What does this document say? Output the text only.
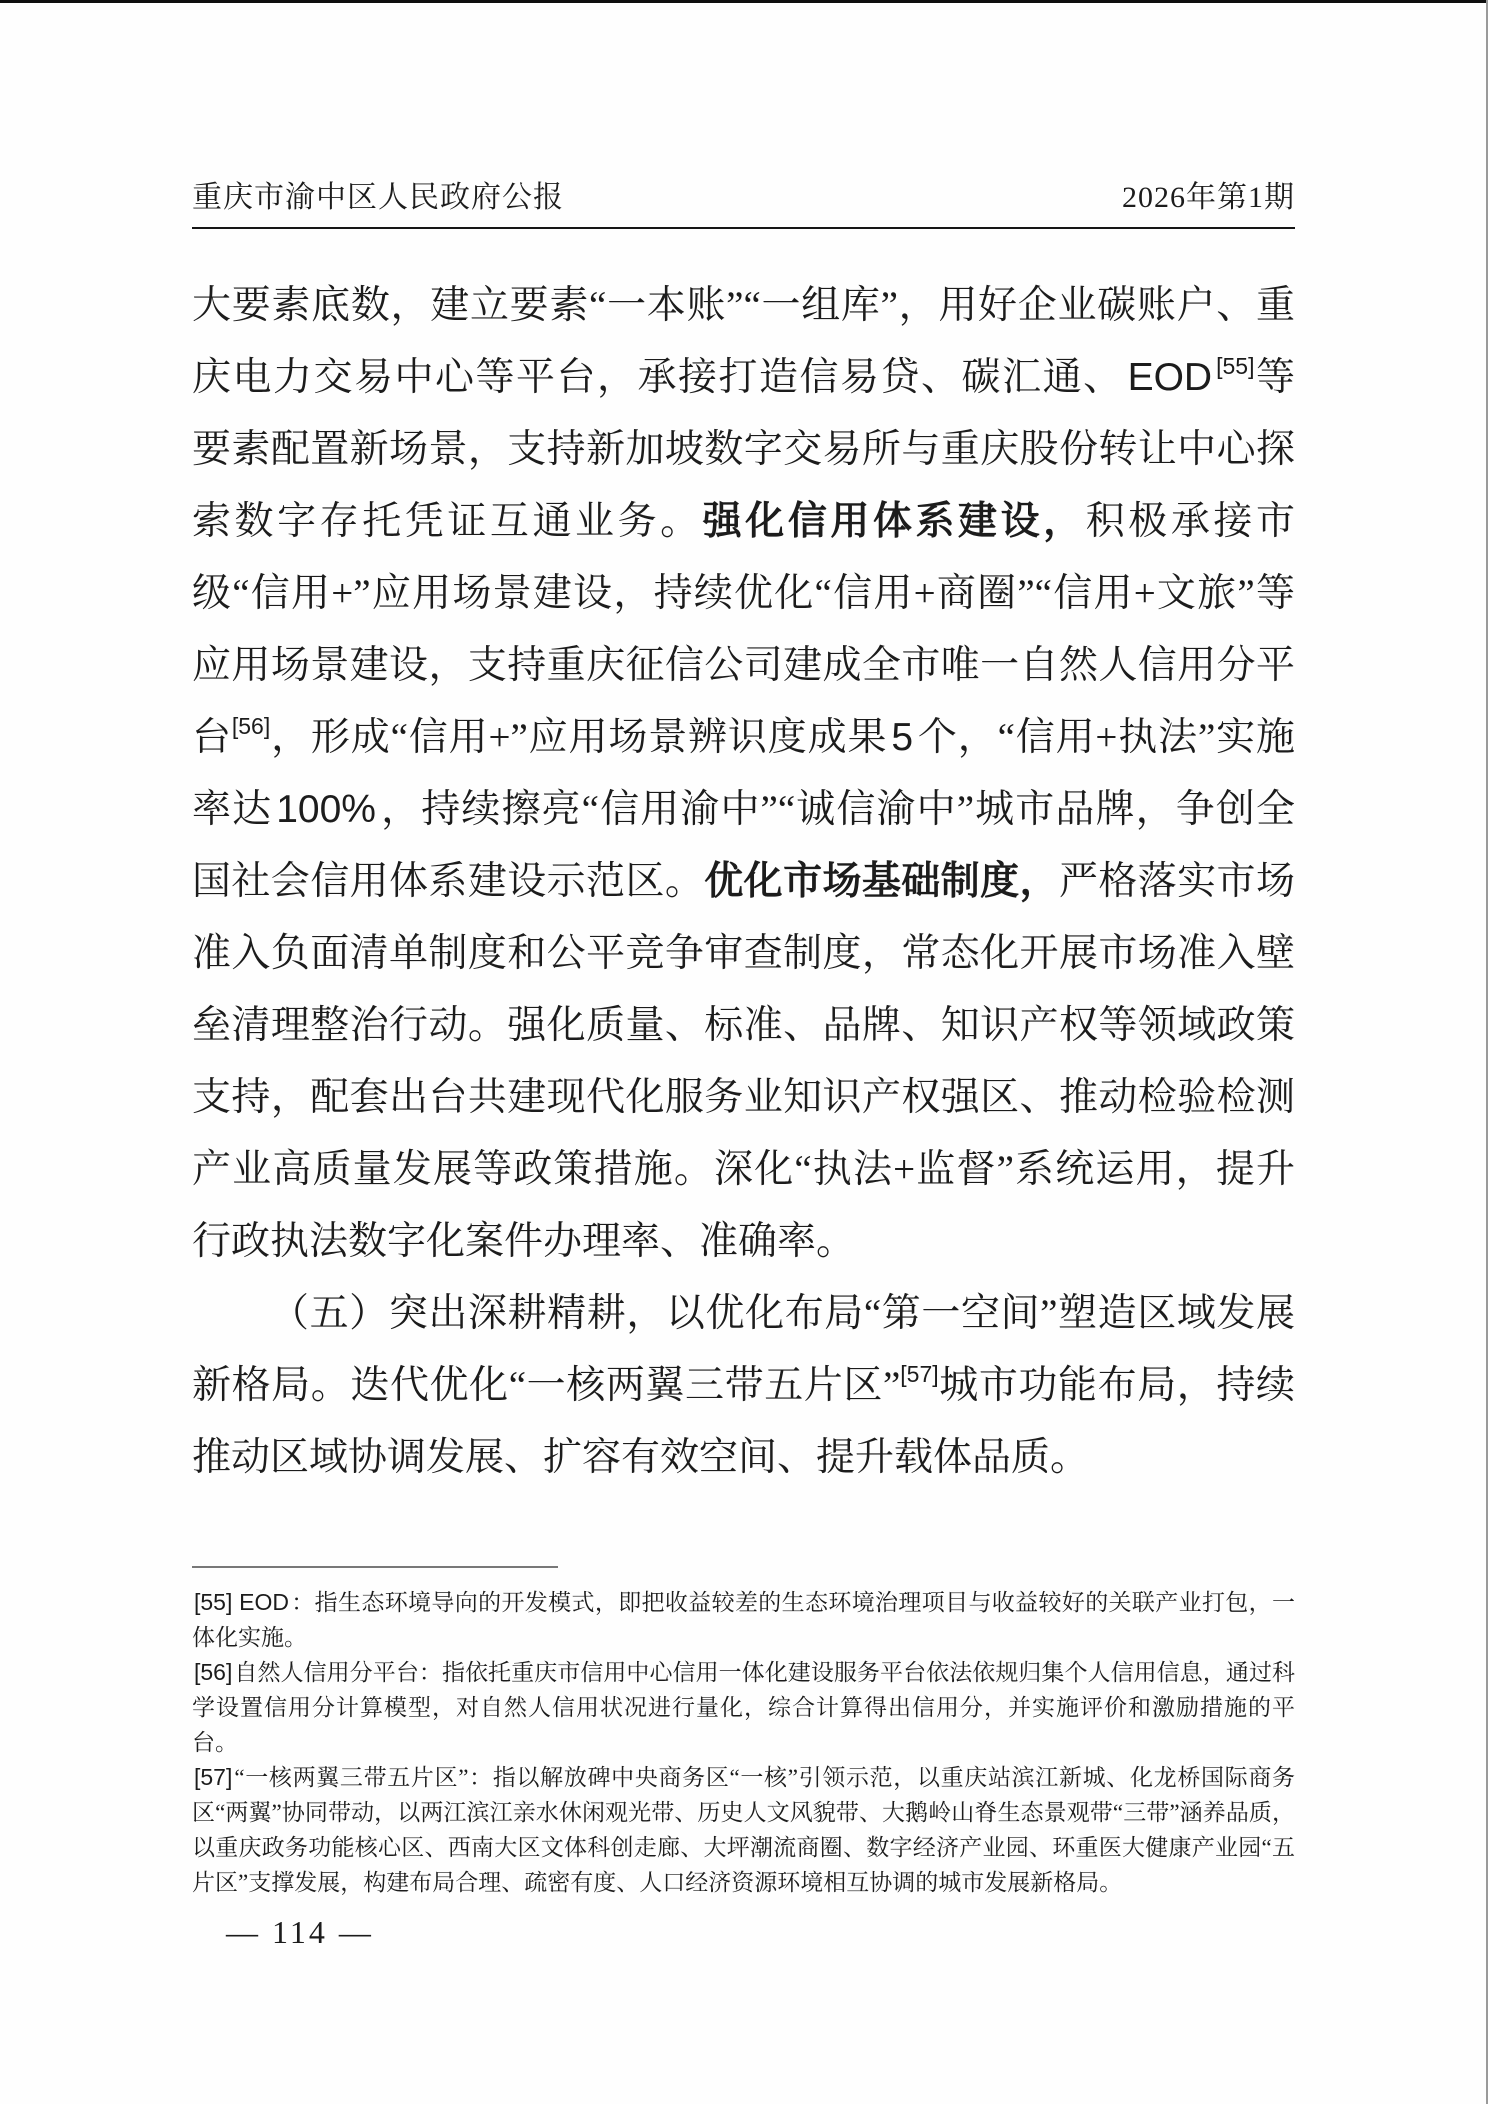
重庆市渝中区人民政府公报	2026年第1期

大要素底数，建立要素“一本账”“一组库”，用好企业碳账户、重庆电力交易中心等平台，承接打造信易贷、碳汇通、 EOD [55]等要素配置新场景，支持新加坡数字交易所与重庆股份转让中心探索数字存托凭证互通业务。强化信用体系建设，积极承接市级“信用+”应用场景建设，持续优化“信用+商圈”“信用+文旅”等应用场景建设，支持重庆征信公司建成全市唯一自然人信用分平台[56]，形成“信用+”应用场景辨识度成果 5 个，“信用+执法”实施率达 100% ，持续擦亮“信用渝中”“诚信渝中”城市品牌，争创全国社会信用体系建设示范区。优化市场基础制度，严格落实市场准入负面清单制度和公平竞争审查制度，常态化开展市场准入壁垒清理整治行动。强化质量、标准、品牌、知识产权等领域政策支持，配套出台共建现代化服务业知识产权强区、推动检验检测产业高质量发展等政策措施。深化“执法+监督”系统运用，提升行政执法数字化案件办理率、准确率。

（五）突出深耕精耕，以优化布局“第一空间”塑造区域发展新格局。迭代优化“一核两翼三带五片区”[57]城市功能布局，持续推动区域协调发展、扩容有效空间、提升载体品质。

[55] EOD：指生态环境导向的开发模式，即把收益较差的生态环境治理项目与收益较好的关联产业打包，一体化实施。

[56]自然人信用分平台：指依托重庆市信用中心信用一体化建设服务平台依法依规归集个人信用信息，通过科学设置信用分计算模型，对自然人信用状况进行量化，综合计算得出信用分，并实施评价和激励措施的平台。

[57]“一核两翼三带五片区”：指以解放碑中央商务区“一核”引领示范，以重庆站滨江新城、化龙桥国际商务区“两翼”协同带动，以两江滨江亲水休闲观光带、历史人文风貌带、大鹅岭山脊生态景观带“三带”涵养品质，以重庆政务功能核心区、西南大区文体科创走廊、大坪潮流商圈、数字经济产业园、环重医大健康产业园“五片区”支撑发展，构建布局合理、疏密有度、人口经济资源环境相互协调的城市发展新格局。

— 114 —
